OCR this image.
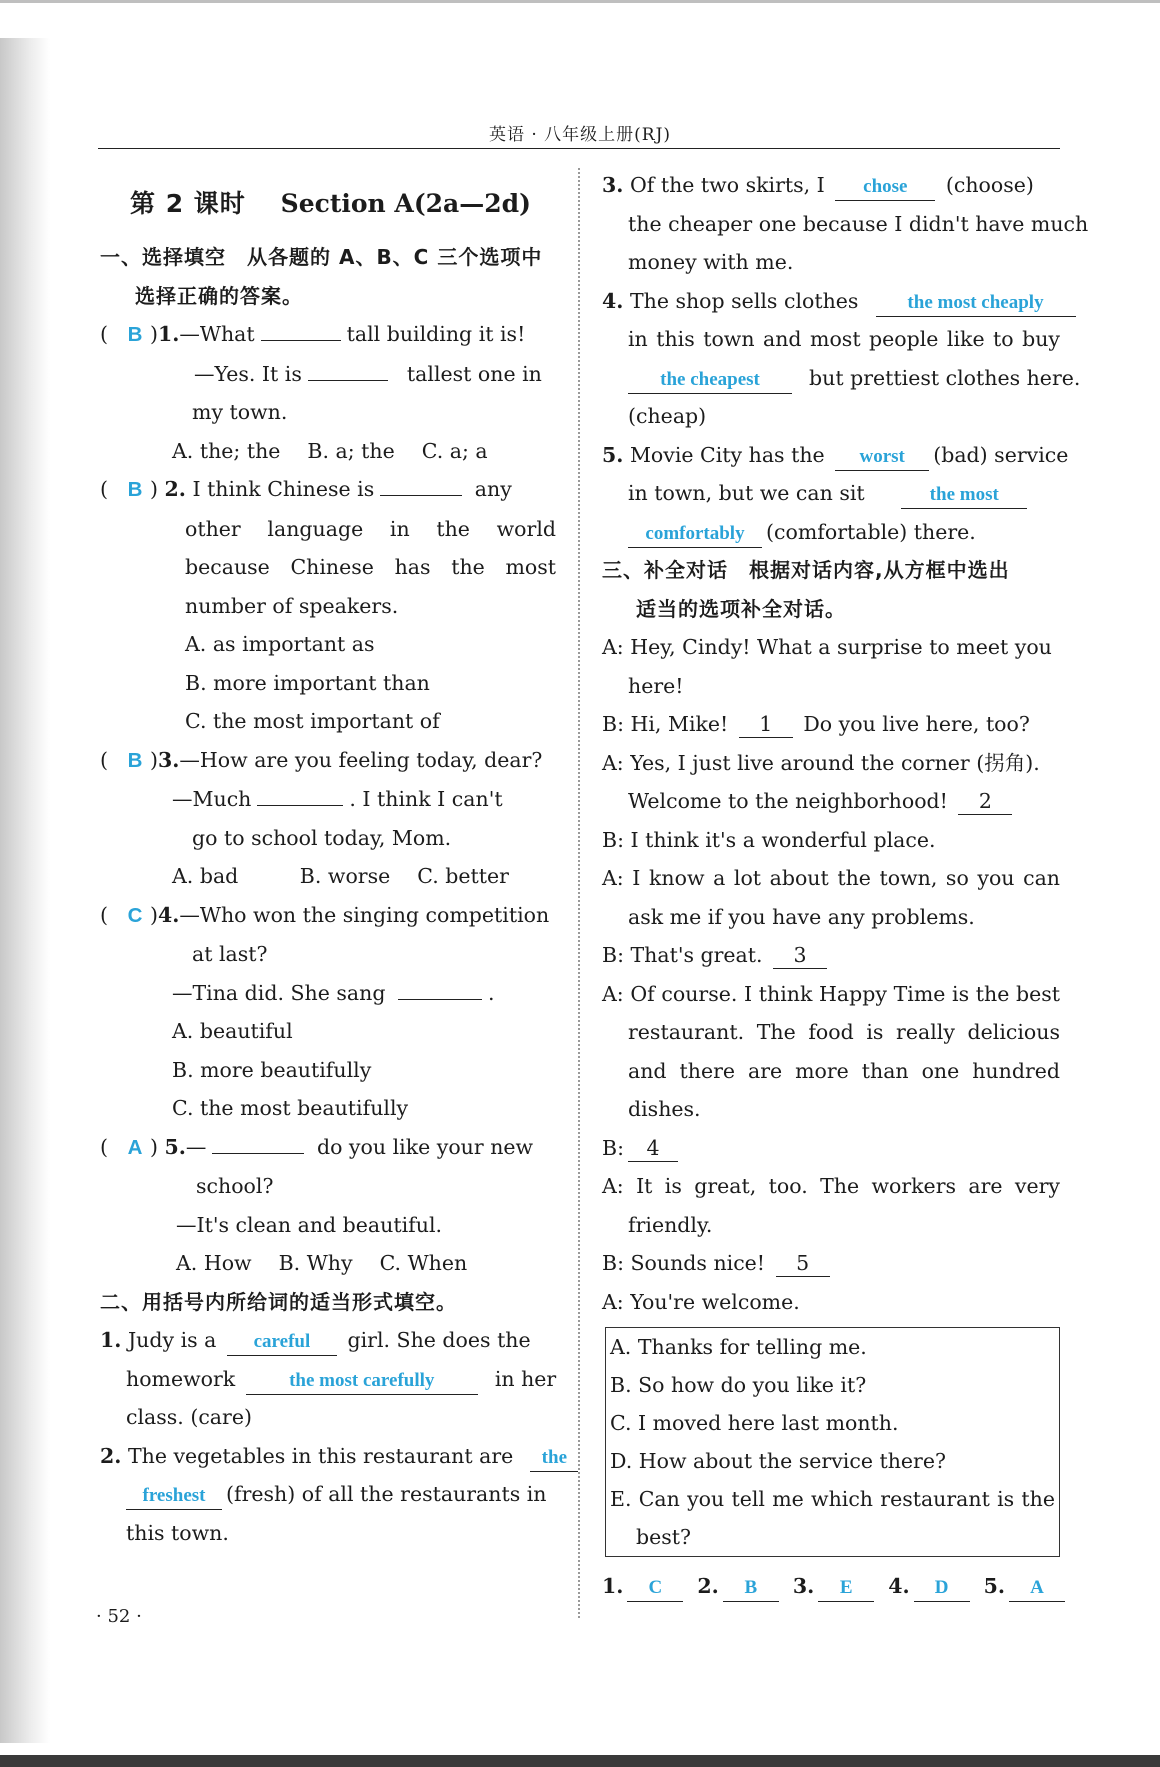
英语 · 八年级上册(RJ)
第 2 课时 Section A(2a—2d)
一、选择填空　从各题的 A、B、C 三个选项中
选择正确的答案。
( B )1.—What	tall building it is!
—Yes. It is	tallest one in
my town.
A. the; the　 B. a; the　 C. a; a
( B ) 2. I think Chinese is	any
other language in the world
because Chinese has the most
number of speakers.
A. as important as
B. more important than
C. the most important of
( B )3.—How are you feeling today, dear?
—Much	. I think I can't
go to school today, Mom.
A. bad　　　B. worse　 C. better
( C )4.—Who won the singing competition
at last?
—Tina did. She sang	.
A. beautiful
B. more beautifully
C. the most beautifully
( A ) 5.—	do you like your new
school?
—It's clean and beautiful.
A. How　 B. Why　 C. When
二、用括号内所给词的适当形式填空。
1. Judy is a careful girl. She does the
homework	the most carefully	in her
class. (care)
2. The vegetables in this restaurant are the
freshest (fresh) of all the restaurants in
this town.
3. Of the two skirts, I chose (choose)
the cheaper one because I didn't have much
money with me.
4. The shop sells clothes	the most cheaply
in this town and most people like to buy
the cheapest but prettiest clothes here.
(cheap)
5. Movie City has the worst (bad) service
in town, but we can sit	the most
comfortably (comfortable) there.
三、补全对话　根据对话内容,从方框中选出
适当的选项补全对话。
A: Hey, Cindy! What a surprise to meet you
here!
B: Hi, Mike! 1 Do you live here, too?
A: Yes, I just live around the corner (拐角).
Welcome to the neighborhood! 2
B: I think it's a wonderful place.
A: I know a lot about the town, so you can
ask me if you have any problems.
B: That's great. 3
A: Of course. I think Happy Time is the best
restaurant. The food is really delicious
and there are more than one hundred
dishes.
B: 4
A: It is great, too. The workers are very
friendly.
B: Sounds nice! 5
A: You're welcome.
A. Thanks for telling me.
B. So how do you like it?
C. I moved here last month.
D. How about the service there?
E. Can you tell me which restaurant is the
best?
1. C 2. B 3. E 4. D 5. A
· 52 ·
